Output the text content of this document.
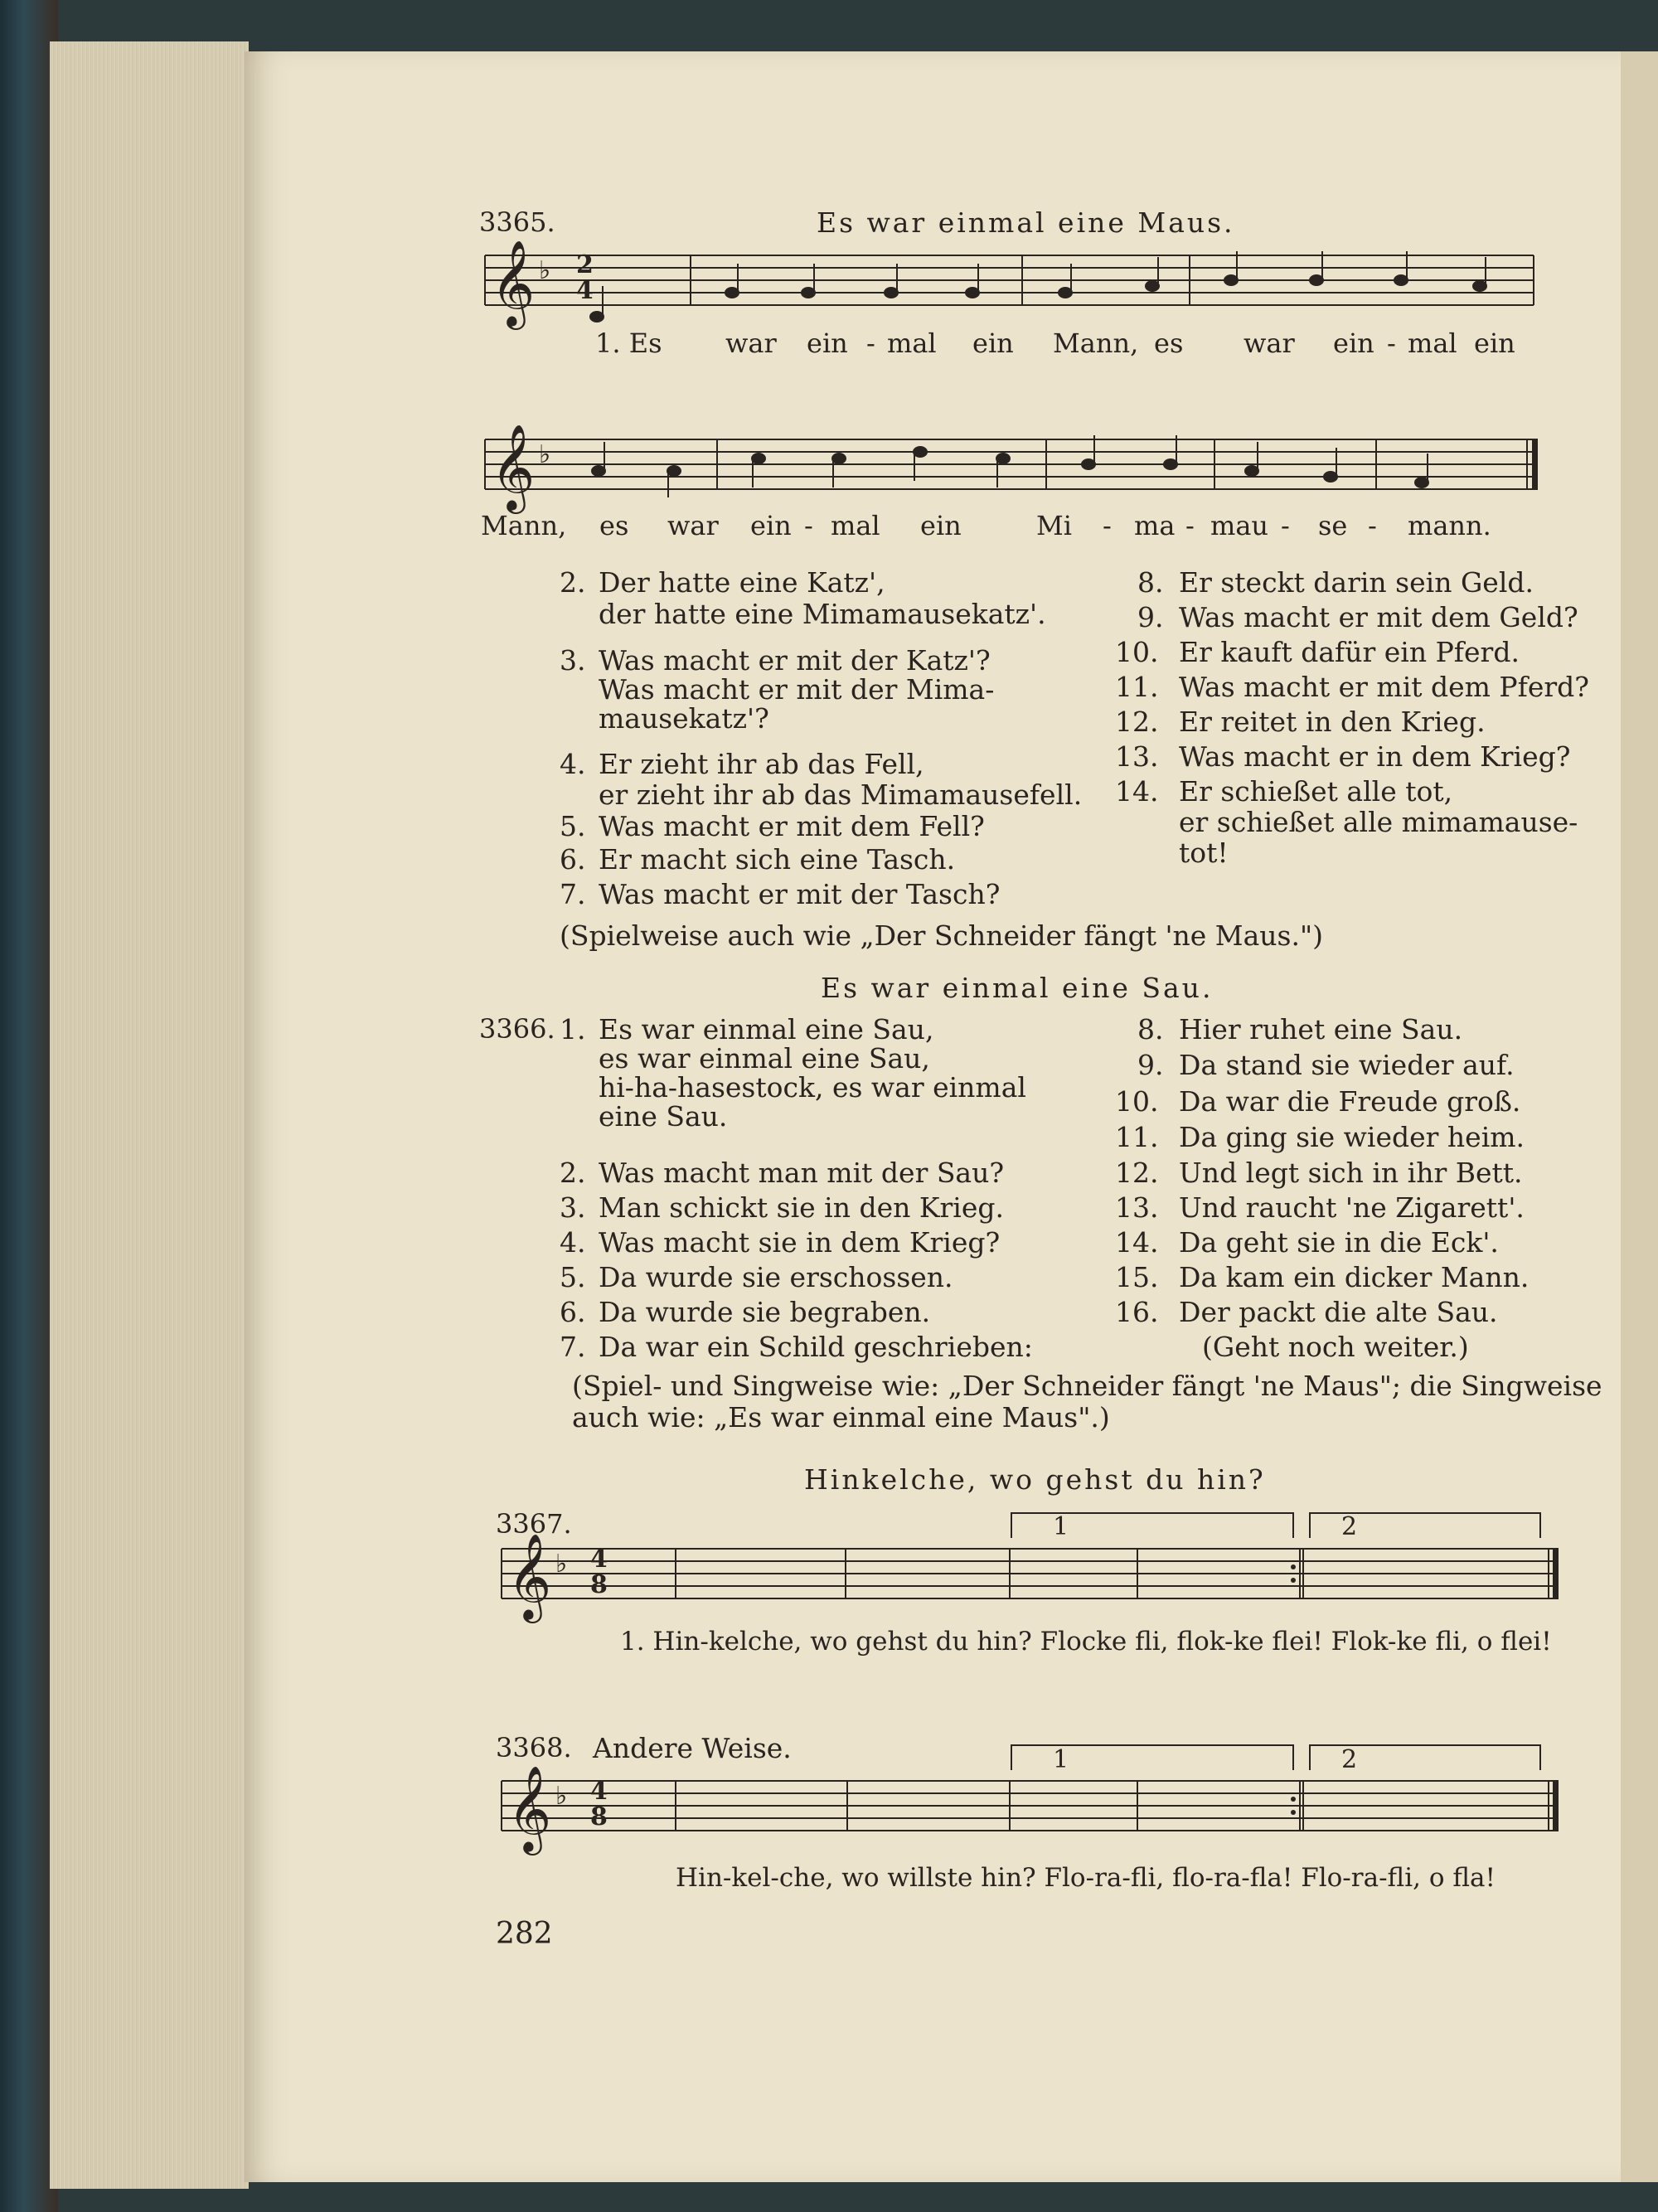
3365.	Es war einmal eine Maus.
𝄞
𝄞
𝄞
𝄞
♭
♭
♭
♭
2
4
4
8
4
8
1. Es war ein - mal ein Mann, es war ein - mal ein
Mann, es war ein - mal ein	Mi - ma - mau - se - mann.
2. Der hatte eine Katz',
der hatte eine Mimamausekatz'.
3. Was macht er mit der Katz'?
Was macht er mit der Mima-
mausekatz'?
4. Er zieht ihr ab das Fell,
er zieht ihr ab das Mimamausefell.
5. Was macht er mit dem Fell?
6. Er macht sich eine Tasch.
7. Was macht er mit der Tasch?
8. Er steckt darin sein Geld.
9. Was macht er mit dem Geld?
10. Er kauft dafür ein Pferd.
11. Was macht er mit dem Pferd?
12. Er reitet in den Krieg.
13. Was macht er in dem Krieg?
14. Er schießet alle tot,
er schießet alle mimamause-
tot!
(Spielweise auch wie „Der Schneider fängt 'ne Maus.")
Es war einmal eine Sau.
3366. 1. Es war einmal eine Sau,
es war einmal eine Sau,
hi-ha-hasestock, es war einmal
eine Sau.
2. Was macht man mit der Sau?
3. Man schickt sie in den Krieg.
4. Was macht sie in dem Krieg?
5. Da wurde sie erschossen.
6. Da wurde sie begraben.
7. Da war ein Schild geschrieben:
8. Hier ruhet eine Sau.
9. Da stand sie wieder auf.
10. Da war die Freude groß.
11. Da ging sie wieder heim.
12. Und legt sich in ihr Bett.
13. Und raucht 'ne Zigarett'.
14. Da geht sie in die Eck'.
15. Da kam ein dicker Mann.
16. Der packt die alte Sau.
(Geht noch weiter.)
(Spiel- und Singweise wie: „Der Schneider fängt 'ne Maus"; die Singweise
auch wie: „Es war einmal eine Maus".)
Hinkelche, wo gehst du hin?
3367.	1	2
1. Hin-kelche, wo gehst du hin? Flocke fli, flok-ke flei! Flok-ke fli, o flei!
3368. Andere Weise.	1	2
Hin-kel-che, wo willste hin? Flo-ra-fli, flo-ra-fla! Flo-ra-fli, o fla!
282
